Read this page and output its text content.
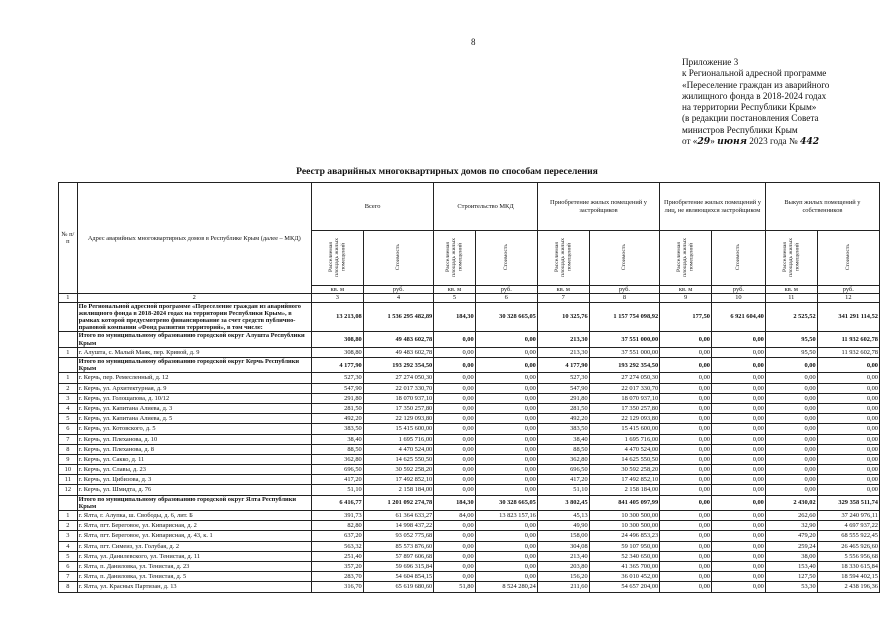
8
Приложение 3
к Региональной адресной программе
«Переселение граждан из аварийного
жилищного фонда в 2018-2024 годах
на территории Республики Крым»
(в редакции постановления Совета
министров Республики Крым
от «29» июня 2023 года № 442
Реестр аварийных многоквартирных домов по способам переселения
№ п/п	Адрес аварийных многоквартирных домов в Республике Крым (далее – МКД)	Всего		Строительство МКД		Приобретение жилых помещений у застройщиков		Приобретение жилых помещений у лиц, не являющихся застройщиком		Выкуп жилых помещений у собственников	
		Расселяемая площадь жилых помещений	Стоимость	Расселяемая площадь жилых помещений	Стоимость	Расселяемая площадь жилых помещений	Стоимость	Расселяемая площадь жилых помещений	Стоимость	Расселяемая площадь жилых помещений	Стоимость
		кв. м	руб.	кв. м	руб.	кв. м	руб.	кв. м	руб.	кв. м	руб.
1	2	3	4	5	6	7	8	9	10	11	12
	По Региональной адресной программе «Переселение граждан из аварийного жилищного фонда в 2018-2024 годах на территории Республики Крым», в рамках которой предусмотрено финансирование за счет средств публично-правовой компании «Фонд развития территорий», в том числе:	13 213,08	1 536 295 482,89	184,30	30 328 665,05	10 325,76	1 157 754 098,92	177,50	6 921 604,40	2 525,52	341 291 114,52
	Итого по муниципальному образованию городской округ Алушта Республики Крым	308,80	49 483 602,78	0,00	0,00	213,30	37 551 000,00	0,00	0,00	95,50	11 932 602,78
1	г. Алушта, с. Малый Маяк, пер. Кривой, д. 9	308,80	49 483 602,78	0,00	0,00	213,30	37 551 000,00	0,00	0,00	95,50	11 932 602,78
	Итого по муниципальному образованию городской округ Керчь Республики Крым	4 177,90	193 292 354,50	0,00	0,00	4 177,90	193 292 354,50	0,00	0,00	0,00	0,00
1	г. Керчь, пер. Ремесленный, д. 12	527,30	27 274 050,30	0,00	0,00	527,30	27 274 050,30	0,00	0,00	0,00	0,00
2	г. Керчь, ул. Архитектурная, д. 9	547,90	22 017 330,70	0,00	0,00	547,90	22 017 330,70	0,00	0,00	0,00	0,00
3	г. Керчь, ул. Голощапова, д. 10/12	291,80	18 070 937,10	0,00	0,00	291,80	18 070 937,10	0,00	0,00	0,00	0,00
4	г. Керчь, ул. Капитана Алиева, д. 3	281,50	17 350 257,80	0,00	0,00	281,50	17 350 257,80	0,00	0,00	0,00	0,00
5	г. Керчь, ул. Капитана Алиева, д. 5	492,20	22 129 093,80	0,00	0,00	492,20	22 129 093,80	0,00	0,00	0,00	0,00
6	г. Керчь, ул. Котовского, д. 5	383,50	15 415 600,00	0,00	0,00	383,50	15 415 600,00	0,00	0,00	0,00	0,00
7	г. Керчь, ул. Плеханова, д. 10	38,40	1 695 716,00	0,00	0,00	38,40	1 695 716,00	0,00	0,00	0,00	0,00
8	г. Керчь, ул. Плеханова, д. 8	88,50	4 470 524,00	0,00	0,00	88,50	4 470 524,00	0,00	0,00	0,00	0,00
9	г. Керчь, ул. Сакко, д. 11	362,80	14 625 550,50	0,00	0,00	362,80	14 625 550,50	0,00	0,00	0,00	0,00
10	г. Керчь, ул. Славы, д. 23	696,50	30 592 258,20	0,00	0,00	696,50	30 592 258,20	0,00	0,00	0,00	0,00
11	г. Керчь, ул. Цибизова, д. 3	417,20	17 492 852,10	0,00	0,00	417,20	17 492 852,10	0,00	0,00	0,00	0,00
12	г. Керчь, ул. Шмидта, д. 76	51,10	2 158 184,00	0,00	0,00	51,10	2 158 184,00	0,00	0,00	0,00	0,00
	Итого по муниципальному образованию городской округ Ялта Республики Крым	6 416,77	1 201 092 274,78	184,30	30 328 665,05	3 802,45	841 405 097,99	0,00	0,00	2 430,02	329 358 511,74
1	г. Ялта, г. Алупка, ш. Свободы, д. 6, лит. Б	391,73	61 364 633,27	84,00	13 823 157,16	45,13	10 300 500,00	0,00	0,00	262,60	37 240 976,11
2	г. Ялта, пгт. Береговое, ул. Кипарисная, д. 2	82,80	14 998 437,22	0,00	0,00	49,90	10 300 500,00	0,00	0,00	32,90	4 697 937,22
3	г. Ялта, пгт. Береговое, ул. Кипарисная, д. 43, к. 1	637,20	93 052 775,68	0,00	0,00	158,00	24 496 853,23	0,00	0,00	479,20	68 555 922,45
4	г. Ялта, пгт. Симеиз, ул. Голубая, д. 2	563,32	85 573 876,60	0,00	0,00	304,08	59 107 950,00	0,00	0,00	259,24	26 465 926,60
5	г. Ялта, ул. Данилевского, ул. Тенистая, д. 11	251,40	57 897 606,68	0,00	0,00	213,40	52 340 650,00	0,00	0,00	38,00	5 556 956,68
6	г. Ялта, п. Даниловка, ул. Тенистая, д. 23	357,20	59 696 315,84	0,00	0,00	203,80	41 365 700,00	0,00	0,00	153,40	18 330 615,84
7	г. Ялта, п. Даниловка, ул. Тенистая, д. 5	283,70	54 604 854,15	0,00	0,00	156,20	36 010 452,00	0,00	0,00	127,50	18 594 402,15
8	г. Ялта, ул. Красных Партизан, д. 13	316,70	65 619 680,60	51,80	8 524 280,24	211,60	54 657 204,00	0,00	0,00	53,30	2 438 196,36
